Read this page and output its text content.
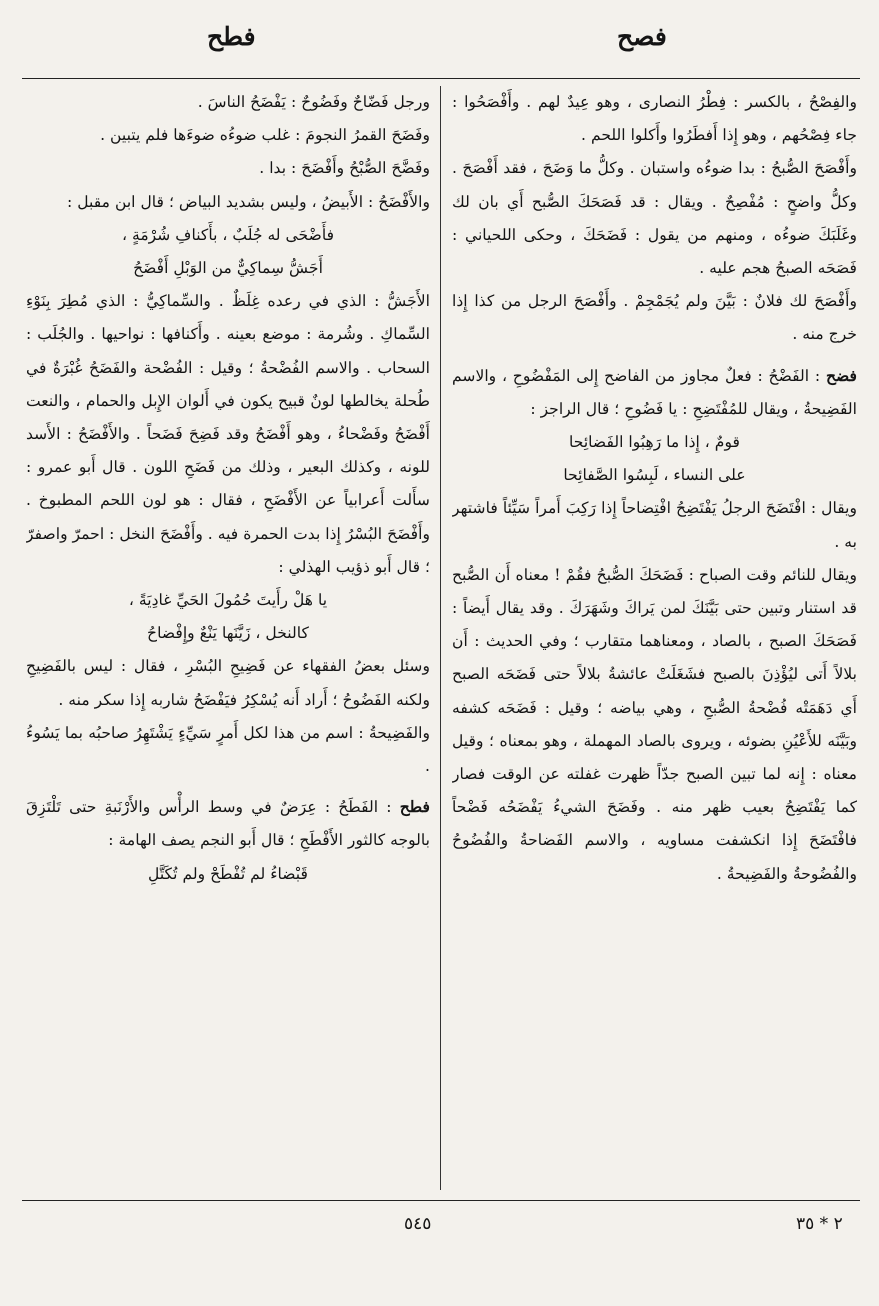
فصح
فطح

والفِصْحُ ، بالكسر : فِطْرُ النصارى ، وهو عِيدٌ لهم . وأَفْصَحُوا : جاء فِصْحُهم ، وهو إِذا أَفطَرُوا وأَكلوا اللحم .

وأَفْصَحَ الصُّبحُ : بدا ضوءُه واستبان . وكلُّ ما وَضَحَ ، فقد أَفْصَحَ . وكلُّ واضحٍ : مُفْصِحٌ . ويقال : قد فَصَحَكَ الصُّبح أَي بان لك وغَلَبَكَ ضوءُه ، ومنهم من يقول : فَضَحَكَ ، وحكى اللحياني : فَصَحَه الصبحُ هجم عليه .

وأَفْصَحَ لك فلانٌ : بَيَّنَ ولم يُجَمْجِمْ . وأَفْصَحَ الرجل من كذا إِذا خرج منه .

فضح : الفَضْحُ : فعلٌ مجاوز من الفاضح إِلى المَفْضُوحِ ، والاسم الفَضِيحةُ ، ويقال للمُفْتَضِحِ : يا فَضُوحِ ؛ قال الراجز :

قومٌ ، إِذا ما رَهِبُوا الفَضائِحا

على النساء ، لَبِسُوا الصَّفائِحا

ويقال : افْتَضَحَ الرجلُ يَفْتَضِحُ افْتِضاحاً إِذا رَكِبَ أَمراً سَيِّئاً فاشتهر به .

ويقال للنائم وقت الصباح : فَضَحَكَ الصُّبحُ فقُمْ ! معناه أَن الصُّبح قد استنار وتبين حتى بَيَّنَكَ لمن يَراكَ وشَهَرَكَ . وقد يقال أَيضاً : فَصَحَكَ الصبح ، بالصاد ، ومعناهما متقارب ؛ وفي الحديث : أَن بلالاً أَتى ليُؤْذِنَ بالصبح فشَغَلَتْ عائشةُ بلالاً حتى فَضَحَه الصبح أَي دَهَمَتْه فُضْحةُ الصُّبحِ ، وهي بياضه ؛ وقيل : فَضَحَه كشفه وبَيَّنَه للأَعْيُنِ بضوئه ، ويروى بالصاد المهملة ، وهو بمعناه ؛ وقيل معناه : إِنه لما تبين الصبح جدّاً ظهرت غفلته عن الوقت فصار كما يَفْتَضِحُ بعيب ظهر منه . وفَضَحَ الشيءُ يَفْضَحُه فَضْحاً فافْتَضَحَ إِذا انكشفت مساويه ، والاسم الفَضاحةُ والفُضُوحُ والفُضُوحةُ والفَضِيحةُ .

ورجل فَضّاحٌ وفَضُوحٌ : يَفْضَحُ الناسَ .

وفَضَحَ القمرُ النجومَ : غلب ضوءُه ضوءَها فلم يتبين .

وفَضَّحَ الصُّبْحُ وأَفْضَحَ : بدا .

والأَفْضَحُ : الأَبيضُ ، وليس بشديد البياض ؛ قال ابن مقبل :

فأَضْحَى له جُلَبٌ ، بأَكنافِ شُرْمَةٍ ،

أَجَشُّ سِماكِيٌّ من الوَبْلِ أَفْضَحُ

الأَجَشُّ : الذي في رعده غِلَظٌ . والسِّماكِيُّ : الذي مُطِرَ بِنَوْءِ السِّماكِ . وشُرمة : موضع بعينه . وأَكنافها : نواحيها . والجُلَب : السحاب . والاسم الفُضْحةُ ؛ وقيل : الفُضْحة والفَضَحُ غُبْرَةٌ في طُحلة يخالطها لونٌ قبيح يكون في أَلوان الإِبل والحمام ، والنعت أَفْضَحُ وفَضْحاءُ ، وهو أَفْضَحُ وقد فَضِحَ فَضَحاً . والأَفْضَحُ : الأَسد للونه ، وكذلك البعير ، وذلك من فَضَحِ اللون . قال أَبو عمرو : سأَلت أَعرابياً عن الأَفْضَحِ ، فقال : هو لون اللحم المطبوخ . وأَفْضَحَ البُسْرُ إِذا بدت الحمرة فيه . وأَفْضَحَ النخل : احمرّ واصفرّ ؛ قال أَبو ذؤيب الهذلي :

يا هَلْ رأَيتَ حُمُولَ الحَيِّ غادِيَةً ،

كالنخل ، زَيَّنَها يَنْعٌ وإِفْضاحُ

وسئل بعضُ الفقهاء عن فَضِيحِ البُسْرِ ، فقال : ليس بالفَضِيحِ ولكنه الفَضُوحُ ؛ أَراد أَنه يُسْكِرُ فيَفْضَحُ شاربه إِذا سكر منه .

والفَضِيحةُ : اسم من هذا لكل أَمرٍ سَيِّءٍ يَشْتَهِرُ صاحبُه بما يَسُوءُ .

فطح : الفَطَحُ : عِرَضٌ في وسط الرأْس والأَرْنَبةِ حتى تَلْتَزِقَ بالوجه كالثور الأَفْطَحِ ؛ قال أَبو النجم يصف الهامة :

قَبْضاءُ لم تُفْطَحْ ولم تُكَتَّلِ

٥٤٥	٢ * ٣٥
